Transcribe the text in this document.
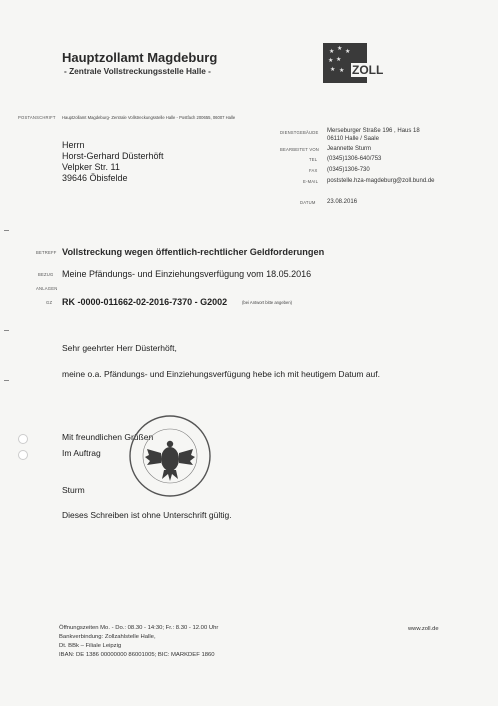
Hauptzollamt Magdeburg
- Zentrale Vollstreckungsstelle Halle -
★ ★ ★
★ ★
★ ★ ZOLL
POSTANSCHRIFT Hauptzollamt Magdeburg- Zentrale Vollstreckungsstelle Halle - Postfach 200655, 06007 Halle
Herrn
Horst-Gerhard Düsterhöft
Velpker Str. 11
39646 Öbisfelde
DIENSTGEBÄUDE Merseburger Straße 196 , Haus 18
06110 Halle / Saale
BEARBEITET VON Jeannette Sturm
TEL (0345)1306-640/753
FAX (0345)1306-730
E-MAIL poststelle.hza-magdeburg@zoll.bund.de
DATUM 23.08.2016
BETREFF Vollstreckung wegen öffentlich-rechtlicher Geldforderungen
BEZUG Meine Pfändungs- und Einziehungsverfügung vom 18.05.2016
ANLAGEN
GZ RK -0000-011662-02-2016-7370 - G2002	(bei Antwort bitte angeben)
Sehr geehrter Herr Düsterhöft,
meine o.a. Pfändungs- und Einziehungsverfügung hebe ich mit heutigem Datum auf.
Mit freundlichen Grüßen
Im Auftrag
Sturm
Dieses Schreiben ist ohne Unterschrift gültig.
Öffnungszeiten Mo. - Do.: 08.30 - 14:30; Fr.: 8.30 - 12.00 Uhr
Bankverbindung: Zollzahlstelle Halle,
Dt. BBk – Filiale Leipzig
IBAN: DE 1386 00000000 86001005; BIC: MARKDEF 1860
www.zoll.de
